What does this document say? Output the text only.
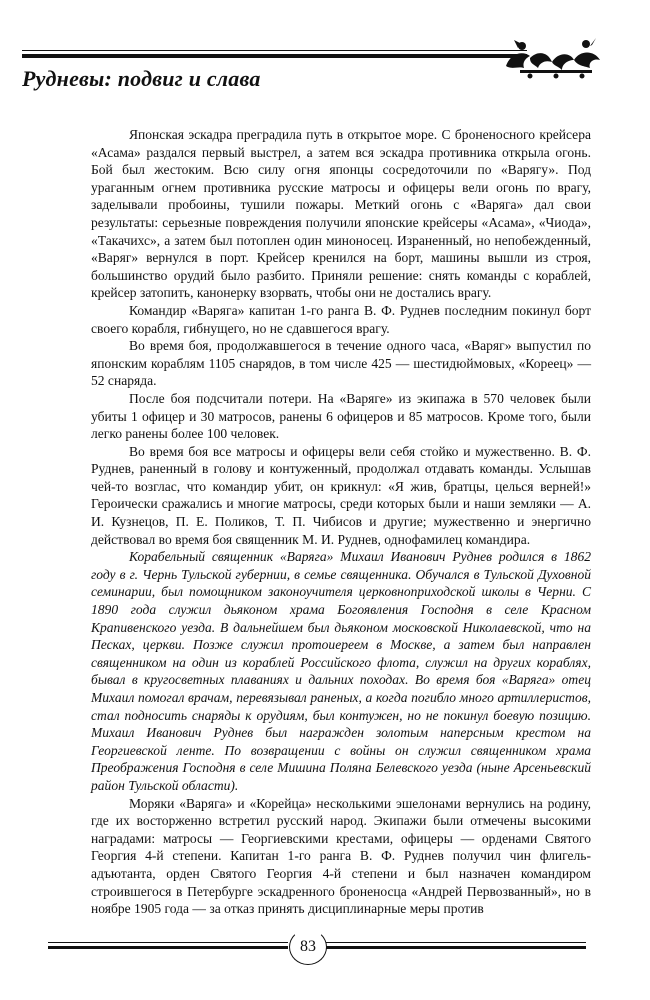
Рудневы: подвиг и слава

Японская эскадра преградила путь в открытое море. С броненосного крейсера «Асама» раздался первый выстрел, а затем вся эскадра противника открыла огонь. Бой был жестоким. Всю силу огня японцы сосредоточили по «Варягу». Под ураганным огнем противника русские матросы и офицеры вели огонь по врагу, заделывали пробоины, тушили пожары. Меткий огонь с «Варяга» дал свои результаты: серьезные повреждения получили японские крейсеры «Асама», «Чиода», «Такачихс», а затем был потоплен один миноносец. Израненный, но непобежденный, «Варяг» вернулся в порт. Крейсер кренился на борт, машины вышли из строя, большинство орудий было разбито. Приняли решение: снять команды с кораблей, крейсер затопить, канонерку взорвать, чтобы они не достались врагу.

Командир «Варяга» капитан 1-го ранга В. Ф. Руднев последним покинул борт своего корабля, гибнущего, но не сдавшегося врагу.

Во время боя, продолжавшегося в течение одного часа, «Варяг» выпустил по японским кораблям 1105 снарядов, в том числе 425 — шестидюймовых, «Кореец» — 52 снаряда.

После боя подсчитали потери. На «Варяге» из экипажа в 570 человек были убиты 1 офицер и 30 матросов, ранены 6 офицеров и 85 матросов. Кроме того, были легко ранены более 100 человек.

Во время боя все матросы и офицеры вели себя стойко и мужественно. В. Ф. Руднев, раненный в голову и контуженный, продолжал отдавать команды. Услышав чей-то возглас, что командир убит, он крикнул: «Я жив, братцы, целься верней!» Героически сражались и многие матросы, среди которых были и наши земляки — А. И. Кузнецов, П. Е. Поликов, Т. П. Чибисов и другие; мужественно и энергично действовал во время боя священник М. И. Руднев, однофамилец командира.

Корабельный священник «Варяга» Михаил Иванович Руднев родился в 1862 году в г. Чернь Тульской губернии, в семье священника. Обучался в Тульской Духовной семинарии, был помощником законоучителя церковноприходской школы в Черни. С 1890 года служил дьяконом храма Богоявления Господня в селе Красном Крапивенского уезда. В дальнейшем был дьяконом московской Николаевской, что на Песках, церкви. Позже служил протоиереем в Москве, а затем был направлен священником на один из кораблей Российского флота, служил на других кораблях, бывал в кругосветных плаваниях и дальних походах. Во время боя «Варяга» отец Михаил помогал врачам, перевязывал раненых, а когда погибло много артиллеристов, стал подносить снаряды к орудиям, был контужен, но не покинул боевую позицию. Михаил Иванович Руднев был награжден золотым наперсным крестом на Георгиевской ленте. По возвращении с войны он служил священником храма Преображения Господня в селе Мишина Поляна Белевского уезда (ныне Арсеньевский район Тульской области).

Моряки «Варяга» и «Корейца» несколькими эшелонами вернулись на родину, где их восторженно встретил русский народ. Экипажи были отмечены высокими наградами: матросы — Георгиевскими крестами, офицеры — орденами Святого Георгия 4-й степени. Капитан 1-го ранга В. Ф. Руднев получил чин флигель-адъютанта, орден Святого Георгия 4-й степени и был назначен командиром строившегося в Петербурге эскадренного броненосца «Андрей Первозванный», но в ноябре 1905 года — за отказ принять дисциплинарные меры против

83
